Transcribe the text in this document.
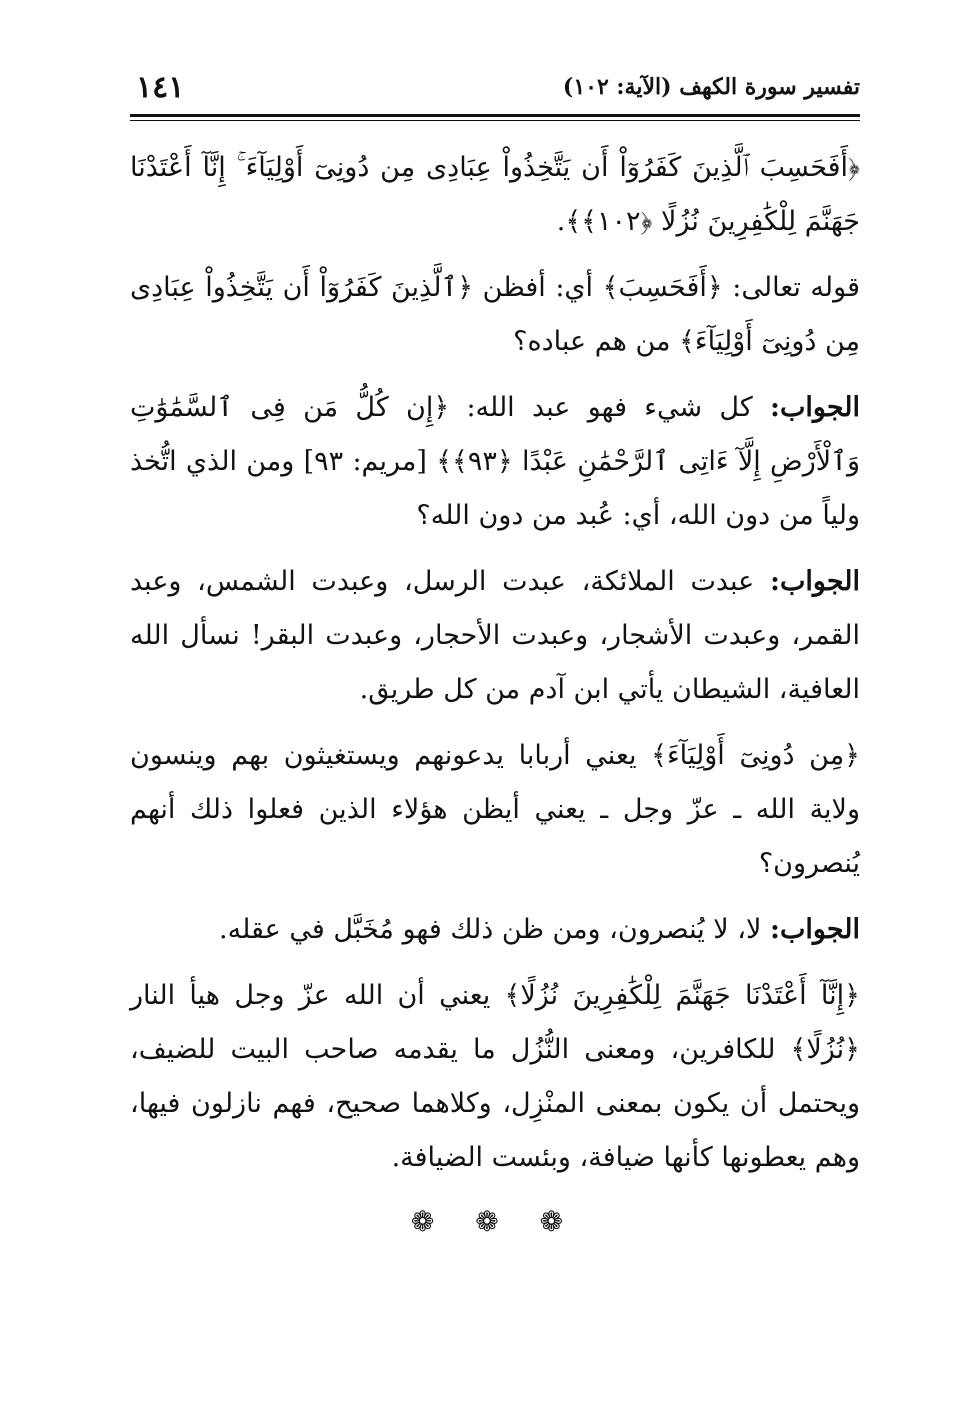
تفسير سورة الكهف (الآية: ١٠٢)
١٤١

﴿أَفَحَسِبَ ٱلَّذِينَ كَفَرُوٓاْ أَن يَتَّخِذُواْ عِبَادِى مِن دُونِىٓ أَوْلِيَآءَ ۚ إِنَّآ أَعْتَدْنَا جَهَنَّمَ لِلْكَٰفِرِينَ نُزُلًا ﴿١٠٢﴾﴾.

قوله تعالى: ﴿أَفَحَسِبَ﴾ أي: أفظن ﴿ٱلَّذِينَ كَفَرُوٓاْ أَن يَتَّخِذُواْ عِبَادِى مِن دُونِىٓ أَوْلِيَآءَ﴾ من هم عباده؟

الجواب: كل شيء فهو عبد الله: ﴿إِن كُلُّ مَن فِى ٱلسَّمَٰوَٰتِ وَٱلْأَرْضِ إِلَّآ ءَاتِى ٱلرَّحْمَٰنِ عَبْدًا ﴿٩٣﴾﴾ [مريم: ٩٣] ومن الذي اتُّخذ ولياً من دون الله، أي: عُبد من دون الله؟

الجواب: عبدت الملائكة، عبدت الرسل، وعبدت الشمس، وعبد القمر، وعبدت الأشجار، وعبدت الأحجار، وعبدت البقر! نسأل الله العافية، الشيطان يأتي ابن آدم من كل طريق.

﴿مِن دُونِىٓ أَوْلِيَآءَ﴾ يعني أربابا يدعونهم ويستغيثون بهم وينسون ولاية الله ـ عزّ وجل ـ يعني أيظن هؤلاء الذين فعلوا ذلك أنهم يُنصرون؟

الجواب: لا، لا يُنصرون، ومن ظن ذلك فهو مُخَبَّل في عقله.

﴿إِنَّآ أَعْتَدْنَا جَهَنَّمَ لِلْكَٰفِرِينَ نُزُلًا﴾ يعني أن الله عزّ وجل هيأ النار ﴿نُزُلًا﴾ للكافرين، ومعنى النُّزُل ما يقدمه صاحب البيت للضيف، ويحتمل أن يكون بمعنى المنْزِل، وكلاهما صحيح، فهم نازلون فيها، وهم يعطونها كأنها ضيافة، وبئست الضيافة.

❁ ❁ ❁
